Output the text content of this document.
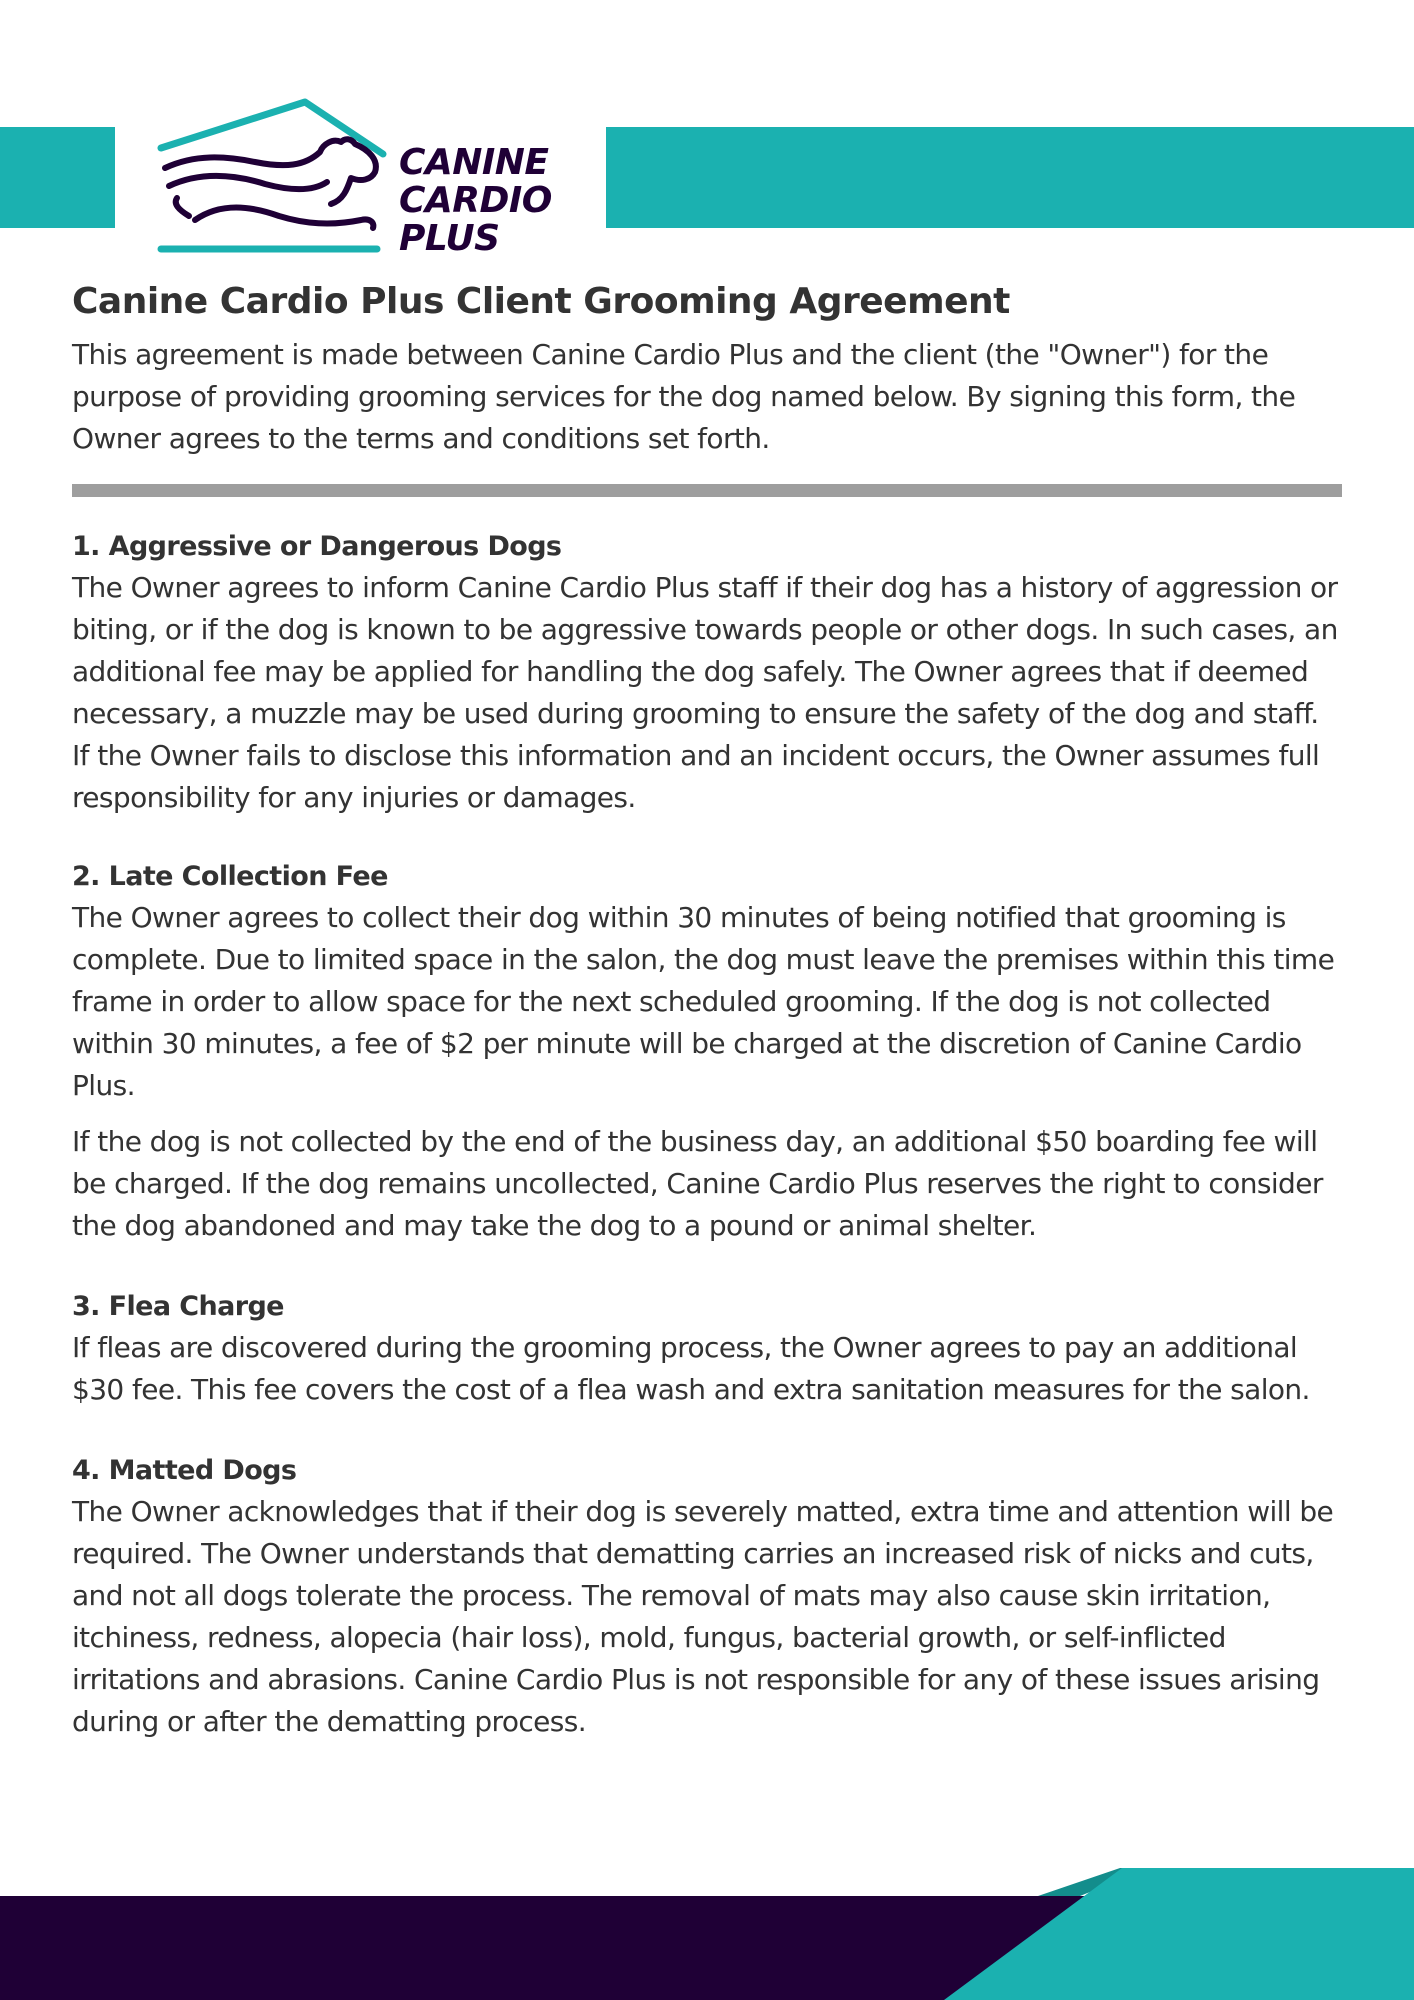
CANINE
CARDIO
PLUS
Canine Cardio Plus Client Grooming Agreement

This agreement is made between Canine Cardio Plus and the client (the "Owner") for the purpose of providing grooming services for the dog named below. By signing this form, the Owner agrees to the terms and conditions set forth.

1. Aggressive or Dangerous Dogs

The Owner agrees to inform Canine Cardio Plus staff if their dog has a history of aggression or biting, or if the dog is known to be aggressive towards people or other dogs. In such cases, an additional fee may be applied for handling the dog safely. The Owner agrees that if deemed necessary, a muzzle may be used during grooming to ensure the safety of the dog and staff. If the Owner fails to disclose this information and an incident occurs, the Owner assumes full responsibility for any injuries or damages.

2. Late Collection Fee

The Owner agrees to collect their dog within 30 minutes of being notified that grooming is complete. Due to limited space in the salon, the dog must leave the premises within this time frame in order to allow space for the next scheduled grooming. If the dog is not collected within 30 minutes, a fee of $2 per minute will be charged at the discretion of Canine Cardio Plus.

If the dog is not collected by the end of the business day, an additional $50 boarding fee will be charged. If the dog remains uncollected, Canine Cardio Plus reserves the right to consider the dog abandoned and may take the dog to a pound or animal shelter.

3. Flea Charge

If fleas are discovered during the grooming process, the Owner agrees to pay an additional $30 fee. This fee covers the cost of a flea wash and extra sanitation measures for the salon.

4. Matted Dogs

The Owner acknowledges that if their dog is severely matted, extra time and attention will be required. The Owner understands that dematting carries an increased risk of nicks and cuts, and not all dogs tolerate the process. The removal of mats may also cause skin irritation, itchiness, redness, alopecia (hair loss), mold, fungus, bacterial growth, or self-inflicted irritations and abrasions. Canine Cardio Plus is not responsible for any of these issues arising during or after the dematting process.
